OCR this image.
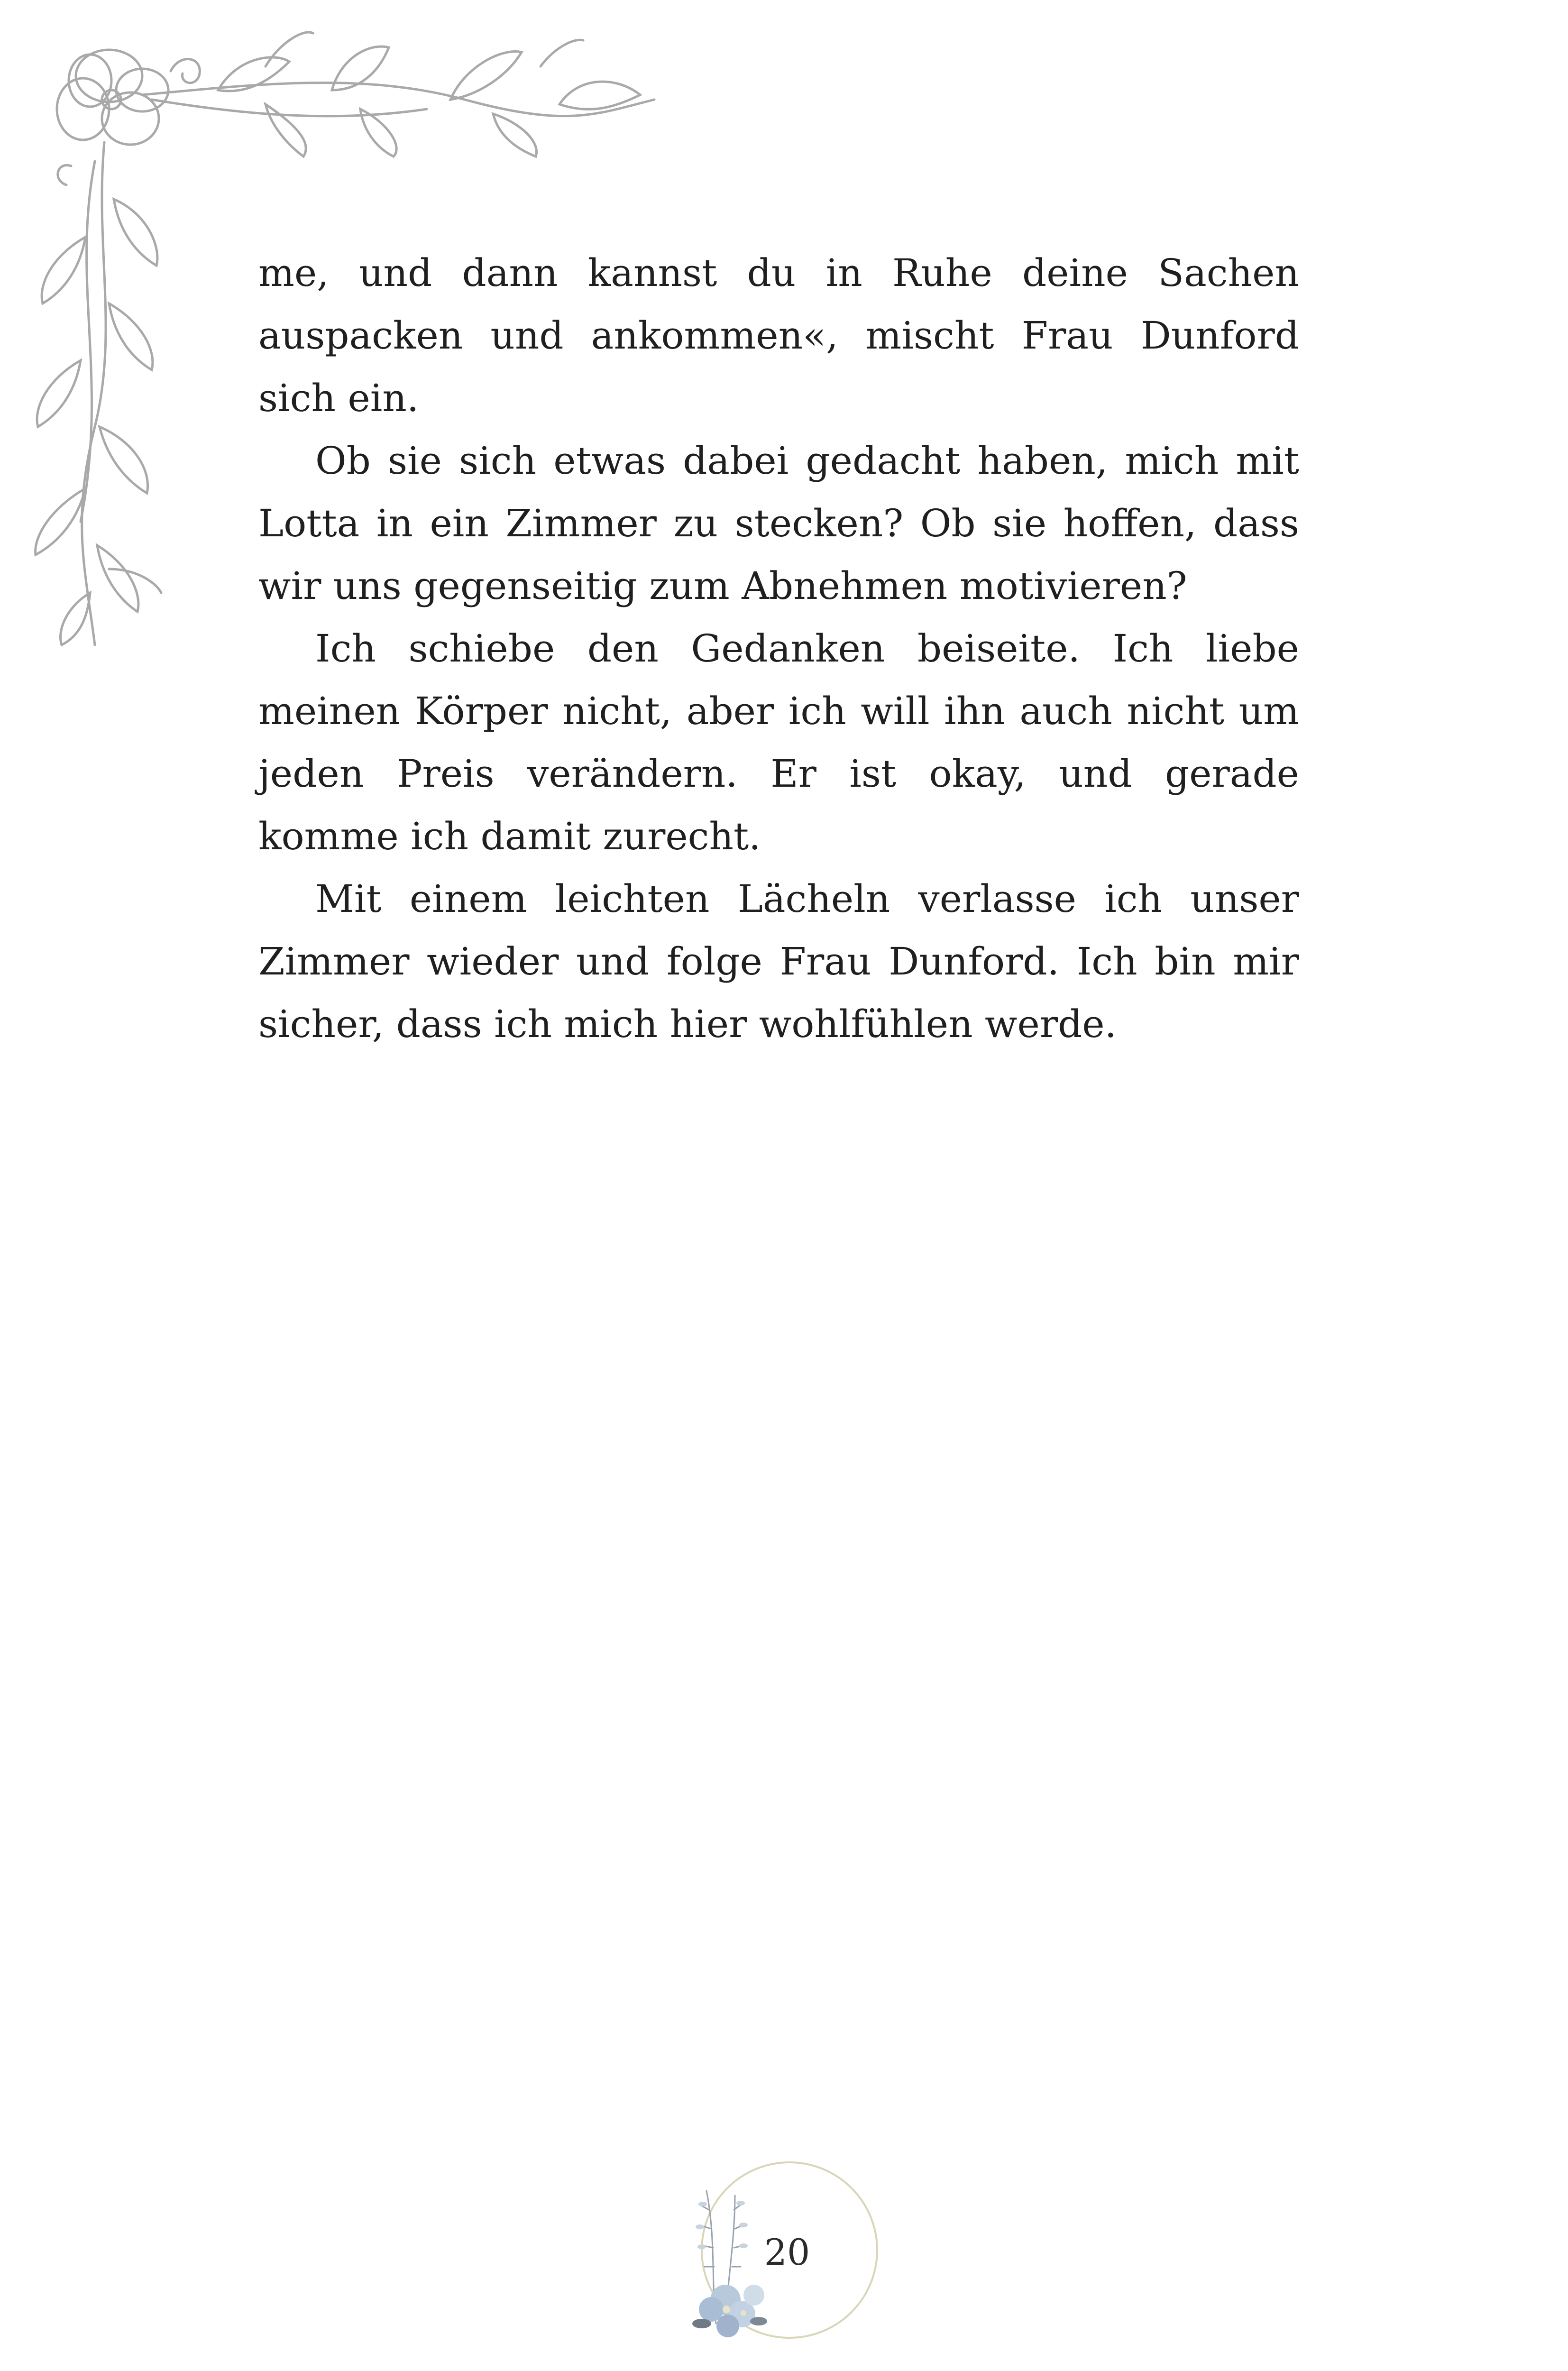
me, und dann kannst du in Ruhe deine Sachen auspacken und ankommen«, mischt Frau Dunford sich ein.

Ob sie sich etwas dabei gedacht haben, mich mit Lotta in ein Zimmer zu stecken? Ob sie hoffen, dass wir uns gegenseitig zum Abnehmen motivieren?

Ich schiebe den Gedanken beiseite. Ich liebe meinen Körper nicht, aber ich will ihn auch nicht um jeden Preis verändern. Er ist okay, und gerade komme ich damit zurecht.

Mit einem leichten Lächeln verlasse ich unser Zimmer wieder und folge Frau Dunford. Ich bin mir sicher, dass ich mich hier wohlfühlen werde.

20
